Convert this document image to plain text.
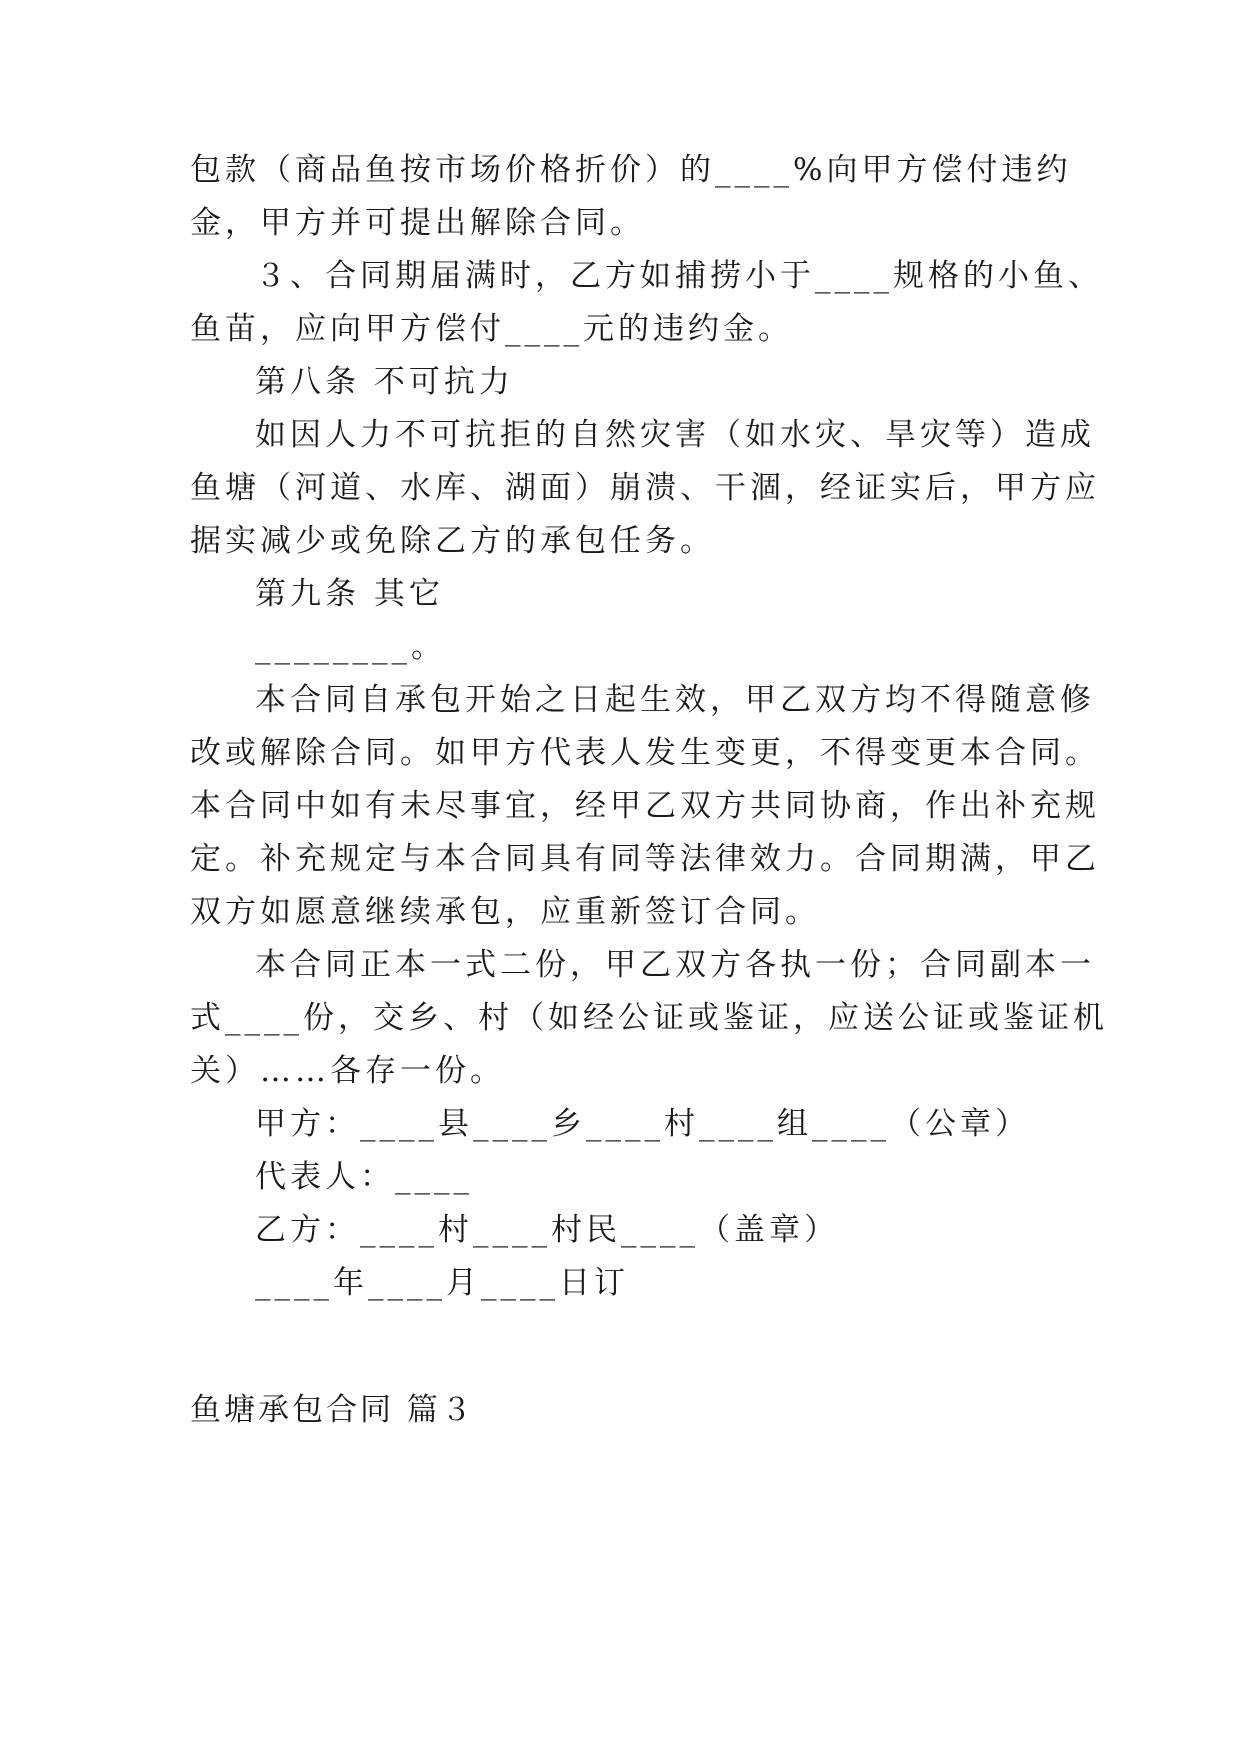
包款（商品鱼按市场价格折价）的____%向甲方偿付违约

金，甲方并可提出解除合同。

３、合同期届满时，乙方如捕捞小于____规格的小鱼、

鱼苗，应向甲方偿付____元的违约金。

第八条 不可抗力

如因人力不可抗拒的自然灾害（如水灾、旱灾等）造成

鱼塘（河道、水库、湖面）崩溃、干涸，经证实后，甲方应

据实减少或免除乙方的承包任务。

第九条 其它

________。

本合同自承包开始之日起生效，甲乙双方均不得随意修

改或解除合同。如甲方代表人发生变更，不得变更本合同。

本合同中如有未尽事宜，经甲乙双方共同协商，作出补充规

定。补充规定与本合同具有同等法律效力。合同期满，甲乙

双方如愿意继续承包，应重新签订合同。

本合同正本一式二份，甲乙双方各执一份；合同副本一

式____份，交乡、村（如经公证或鉴证，应送公证或鉴证机

关）……各存一份。

甲方：____县____乡____村____组____（公章）

代表人：____

乙方：____村____村民____（盖章）

____年____月____日订

鱼塘承包合同 篇３
